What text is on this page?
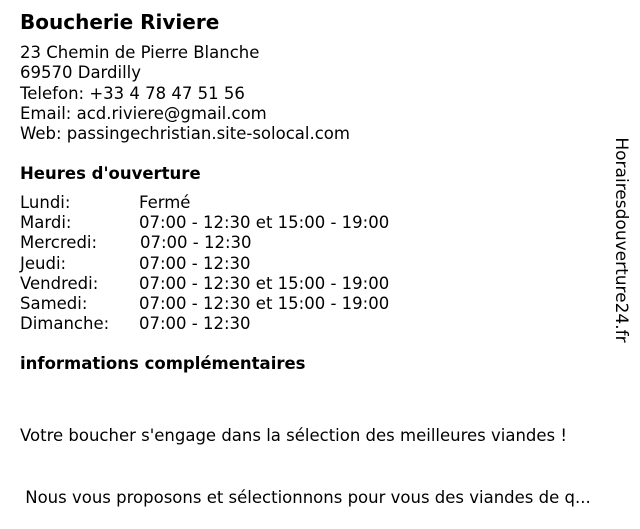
Boucherie Riviere
23 Chemin de Pierre Blanche
69570 Dardilly
Telefon: +33 4 78 47 51 56
Email: acd.riviere@gmail.com
Web: passingechristian.site-solocal.com
Heures d'ouverture
Lundi:	Fermé
Mardi:	07:00 - 12:30 et 15:00 - 19:00
Mercredi:	07:00 - 12:30
Jeudi:	07:00 - 12:30
Vendredi: 07:00 - 12:30 et 15:00 - 19:00
Samedi:	07:00 - 12:30 et 15:00 - 19:00
Dimanche: 07:00 - 12:30
informations complémentaires

Votre boucher s'engage dans la sélection des meilleures viandes !

Nous vous proposons et sélectionnons pour vous des viandes de q...

Horairesdouverture24.fr
